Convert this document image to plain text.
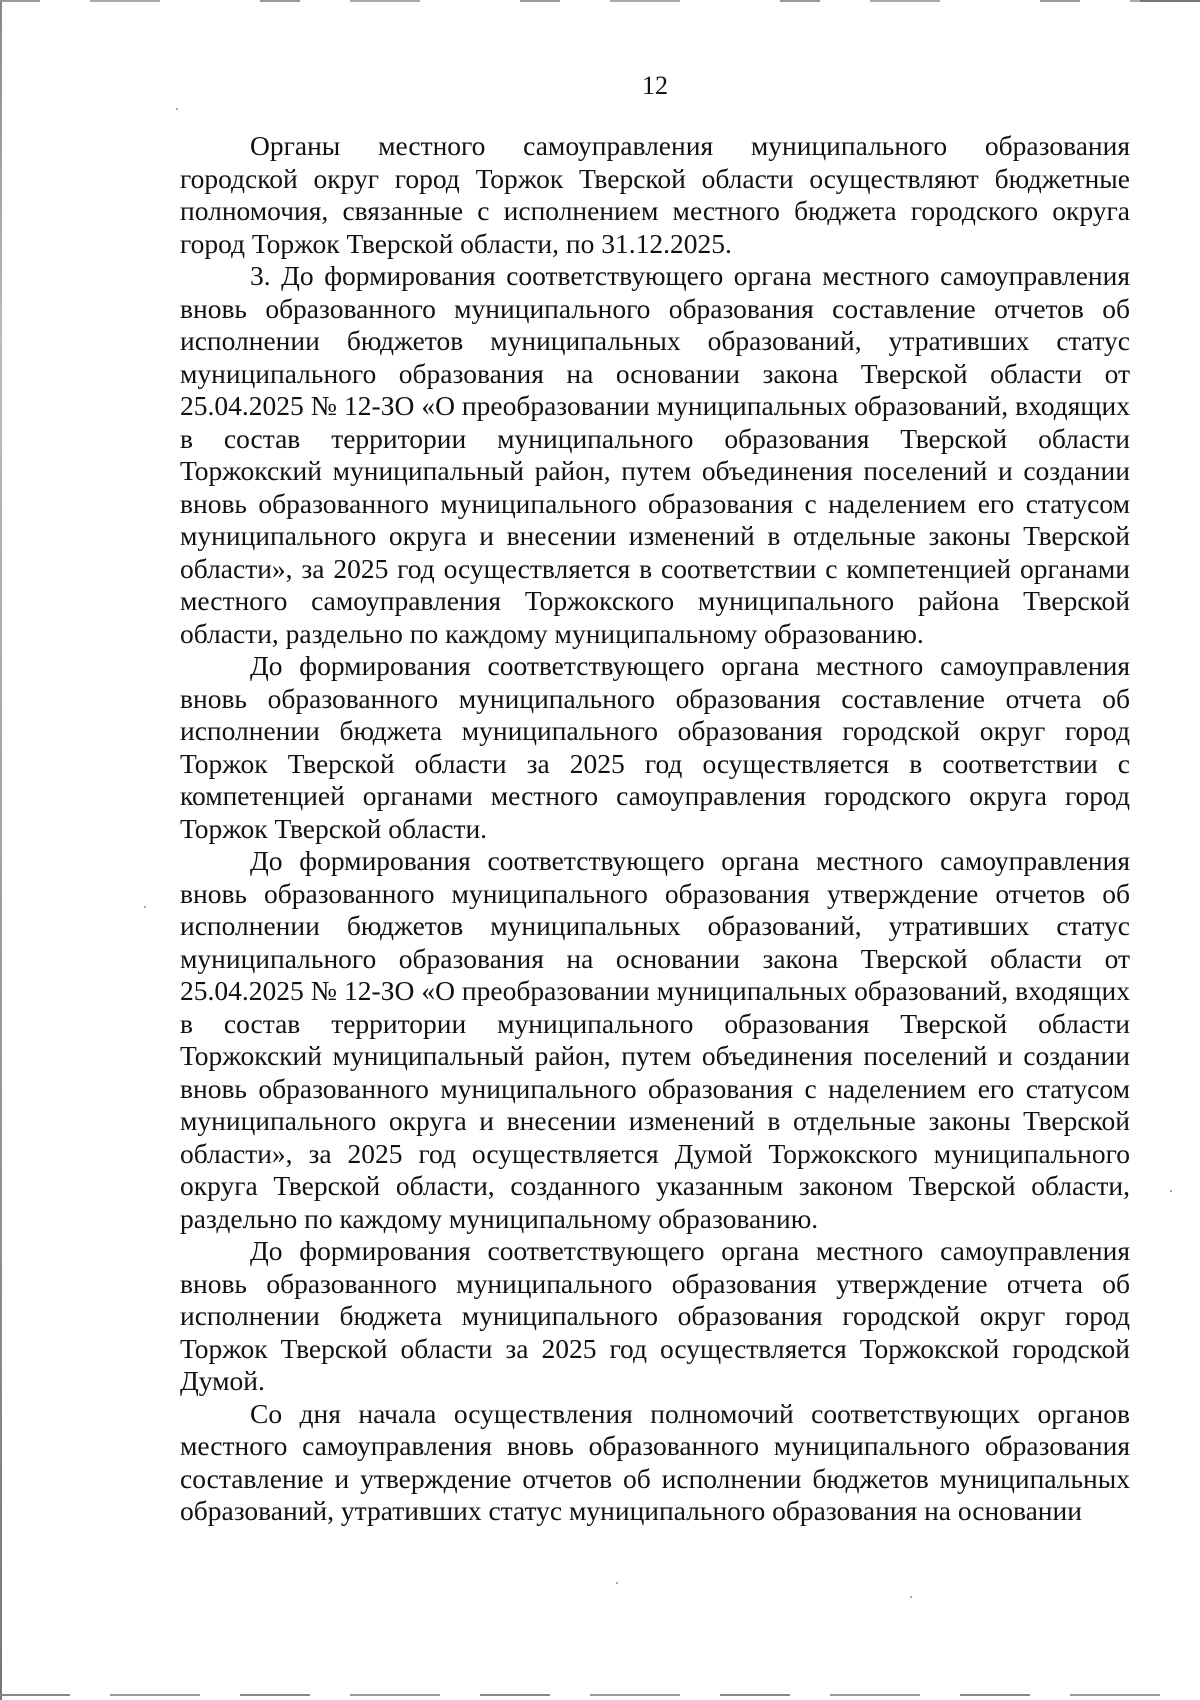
12

Органы местного самоуправления муниципального образования городской округ город Торжок Тверской области осуществляют бюджетные полномочия, связанные с исполнением местного бюджета городского округа город Торжок Тверской области, по 31.12.2025.

3. До формирования соответствующего органа местного самоуправления вновь образованного муниципального образования составление отчетов об исполнении бюджетов муниципальных образований, утративших статус муниципального образования на основании закона Тверской области от 25.04.2025 № 12-ЗО «О преобразовании муниципальных образований, входящих в состав территории муниципального образования Тверской области Торжокский муниципальный район, путем объединения поселений и создании вновь образованного муниципального образования с наделением его статусом муниципального округа и внесении изменений в отдельные законы Тверской области», за 2025 год осуществляется в соответствии с компетенцией органами местного самоуправления Торжокского муниципального района Тверской области, раздельно по каждому муниципальному образованию.

До формирования соответствующего органа местного самоуправления вновь образованного муниципального образования составление отчета об исполнении бюджета муниципального образования городской округ город Торжок Тверской области за 2025 год осуществляется в соответствии с компетенцией органами местного самоуправления городского округа город Торжок Тверской области.

До формирования соответствующего органа местного самоуправления вновь образованного муниципального образования утверждение отчетов об исполнении бюджетов муниципальных образований, утративших статус муниципального образования на основании закона Тверской области от 25.04.2025 № 12-ЗО «О преобразовании муниципальных образований, входящих в состав территории муниципального образования Тверской области Торжокский муниципальный район, путем объединения поселений и создании вновь образованного муниципального образования с наделением его статусом муниципального округа и внесении изменений в отдельные законы Тверской области», за 2025 год осуществляется Думой Торжокского муниципального округа Тверской области, созданного указанным законом Тверской области, раздельно по каждому муниципальному образованию.

До формирования соответствующего органа местного самоуправления вновь образованного муниципального образования утверждение отчета об исполнении бюджета муниципального образования городской округ город Торжок Тверской области за 2025 год осуществляется Торжокской городской Думой.

Со дня начала осуществления полномочий соответствующих органов местного самоуправления вновь образованного муниципального образования составление и утверждение отчетов об исполнении бюджетов муниципальных образований, утративших статус муниципального образования на основании
